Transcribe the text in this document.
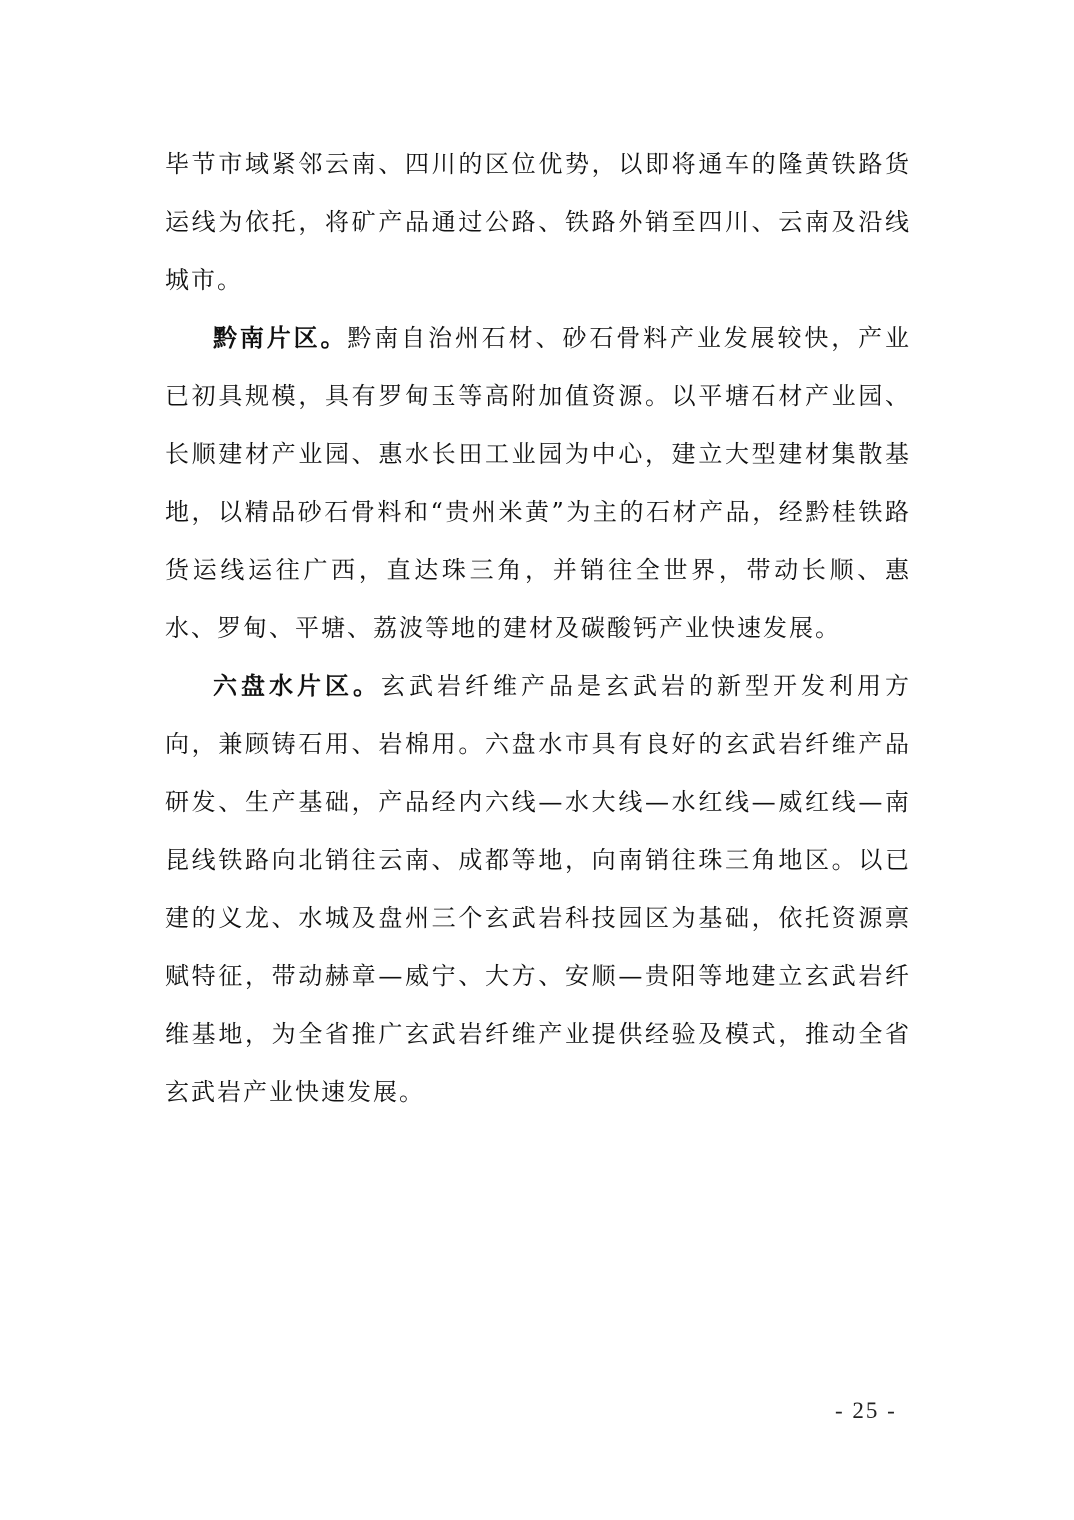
毕节市域紧邻云南、四川的区位优势，以即将通车的隆黄铁路货运线为依托，将矿产品通过公路、铁路外销至四川、云南及沿线城市。

黔南片区。黔南自治州石材、砂石骨料产业发展较快，产业已初具规模，具有罗甸玉等高附加值资源。以平塘石材产业园、长顺建材产业园、惠水长田工业园为中心，建立大型建材集散基地，以精品砂石骨料和“贵州米黄”为主的石材产品，经黔桂铁路货运线运往广西，直达珠三角，并销往全世界，带动长顺、惠水、罗甸、平塘、荔波等地的建材及碳酸钙产业快速发展。

六盘水片区。玄武岩纤维产品是玄武岩的新型开发利用方向，兼顾铸石用、岩棉用。六盘水市具有良好的玄武岩纤维产品研发、生产基础，产品经内六线—水大线—水红线—威红线—南昆线铁路向北销往云南、成都等地，向南销往珠三角地区。以已建的义龙、水城及盘州三个玄武岩科技园区为基础，依托资源禀赋特征，带动赫章—威宁、大方、安顺—贵阳等地建立玄武岩纤维基地，为全省推广玄武岩纤维产业提供经验及模式，推动全省玄武岩产业快速发展。

- 25 -
